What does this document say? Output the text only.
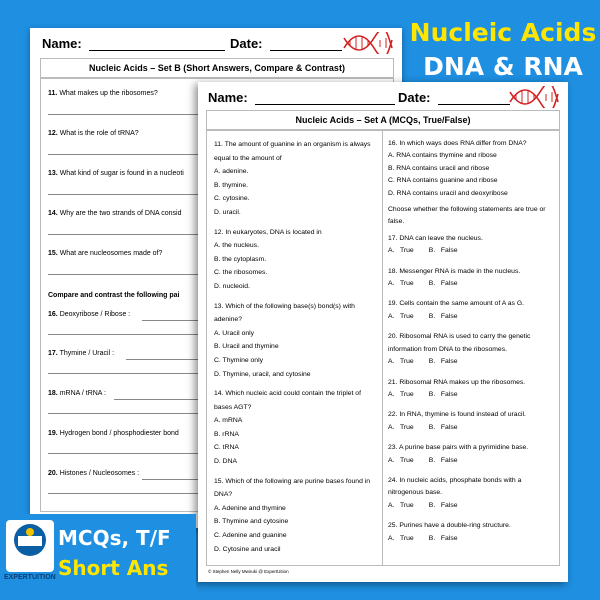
Name:	Date:
Nucleic Acids – Set B (Short Answers, Compare & Contrast)
11. What makes up the ribosomes?
12. What is the role of tRNA?
13. What kind of sugar is found in a nucleoti
14. Why are the two strands of DNA consid
15. What are nucleosomes made of?
Compare and contrast the following pai
16. Deoxyribose / Ribose :
17. Thymine / Uracil :
18. mRNA / tRNA :
19. Hydrogen bond / phosphodiester bond
20. Histones / Nucleosomes :
Nucleic Acids
DNA & RNA
Name:	Date:
Nucleic Acids – Set A (MCQs, True/False)
11. The amount of guanine in an organism is always equal to the amount of
A. adenine.
B. thymine.
C. cytosine.
D. uracil.
12. In eukaryotes, DNA is located in
A. the nucleus.
B. the cytoplasm.
C. the ribosomes.
D. nucleoid.
13. Which of the following base(s) bond(s) with adenine?
A. Uracil only
B. Uracil and thymine
C. Thymine only
D. Thymine, uracil, and cytosine
14. Which nucleic acid could contain the triplet of bases AGT?
A. mRNA
B. rRNA
C. tRNA
D. DNA
15. Which of the following are purine bases found in DNA?
A. Adenine and thymine
B. Thymine and cytosine
C. Adenine and guanine
D. Cytosine and uracil
16. In which ways does RNA differ from DNA?
A. RNA contains thymine and ribose
B. RNA contains uracil and ribose
C. RNA contains guanine and ribose
D. RNA contains uracil and deoxyribose
Choose whether the following statements are true or false.
17. DNA can leave the nucleus.
A.   True        B.   False
18. Messenger RNA is made in the nucleus.
A.   True        B.   False
19. Cells contain the same amount of A as G.
A.   True        B.   False
20. Ribosomal RNA is used to carry the genetic information from DNA to the ribosomes.
A.   True        B.   False
21. Ribosomal RNA makes up the ribosomes.
A.   True        B.   False
22. In RNA, thymine is found instead of uracil.
A.   True        B.   False
23. A purine base pairs with a pyrimidine base.
A.   True        B.   False
24. In nucleic acids, phosphate bonds with a nitrogenous base.
A.   True        B.   False
25. Purines have a double-ring structure.
A.   True        B.   False
© Stephen Nelly Mwiruki @ ExpertUition
EXPERTUITION
MCQs, T/F
Short Ans
